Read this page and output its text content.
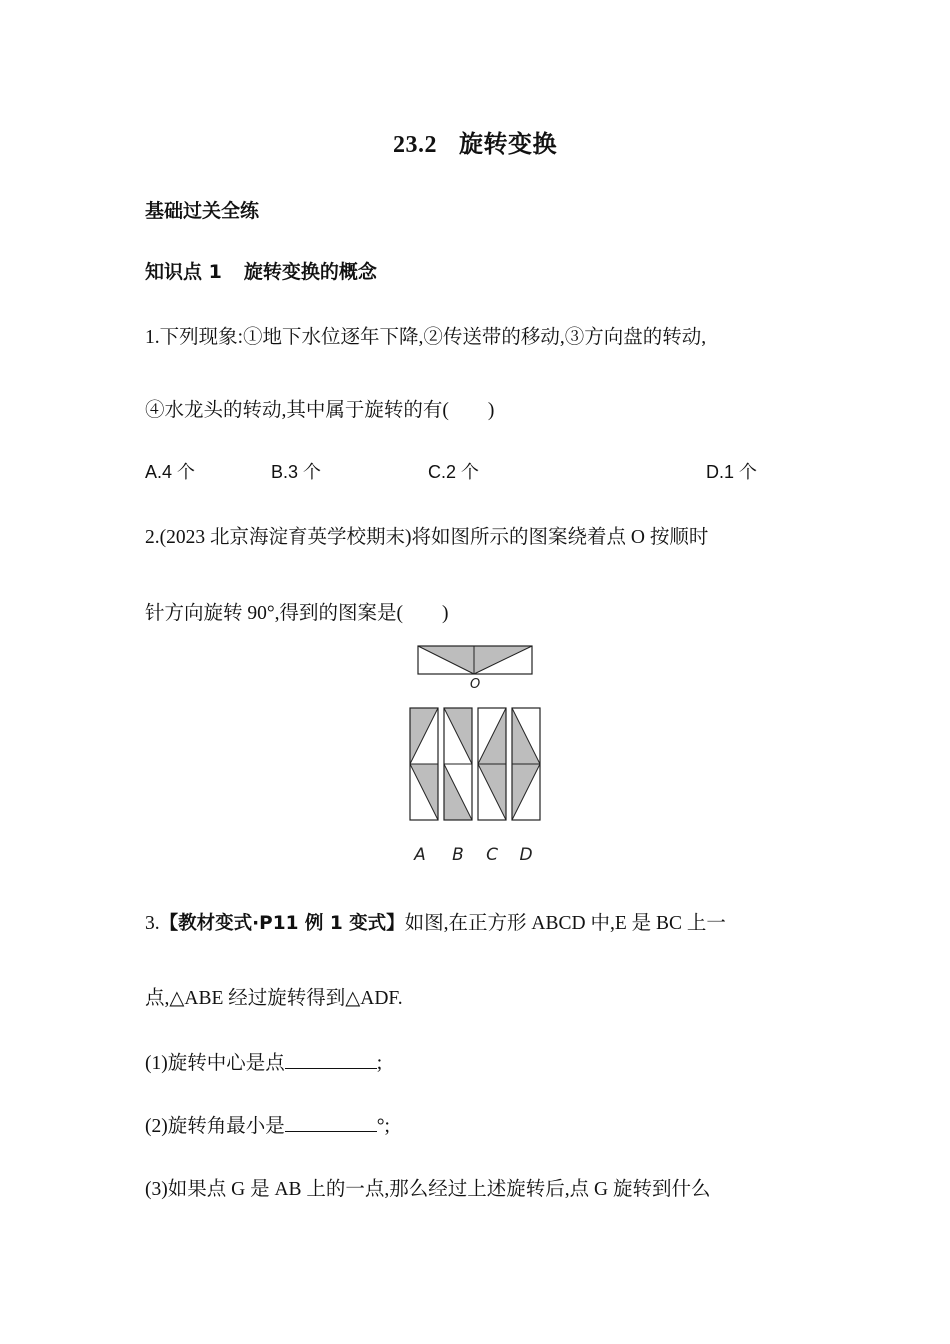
23.2 旋转变换
基础过关全练
知识点 1 旋转变换的概念
1.下列现象:①地下水位逐年下降,②传送带的移动,③方向盘的转动,
④水龙头的转动,其中属于旋转的有(　　)
A.4 个	B.3 个	C.2 个	D.1 个
2.(2023 北京海淀育英学校期末)将如图所示的图案绕着点 O 按顺时
针方向旋转 90°,得到的图案是(　　)
O
A B C D
3.【教材变式·P11 例 1 变式】如图,在正方形 ABCD 中,E 是 BC 上一
点,△ABE 经过旋转得到△ADF.
(1)旋转中心是点	;
(2)旋转角最小是	°;
(3)如果点 G 是 AB 上的一点,那么经过上述旋转后,点 G 旋转到什么
